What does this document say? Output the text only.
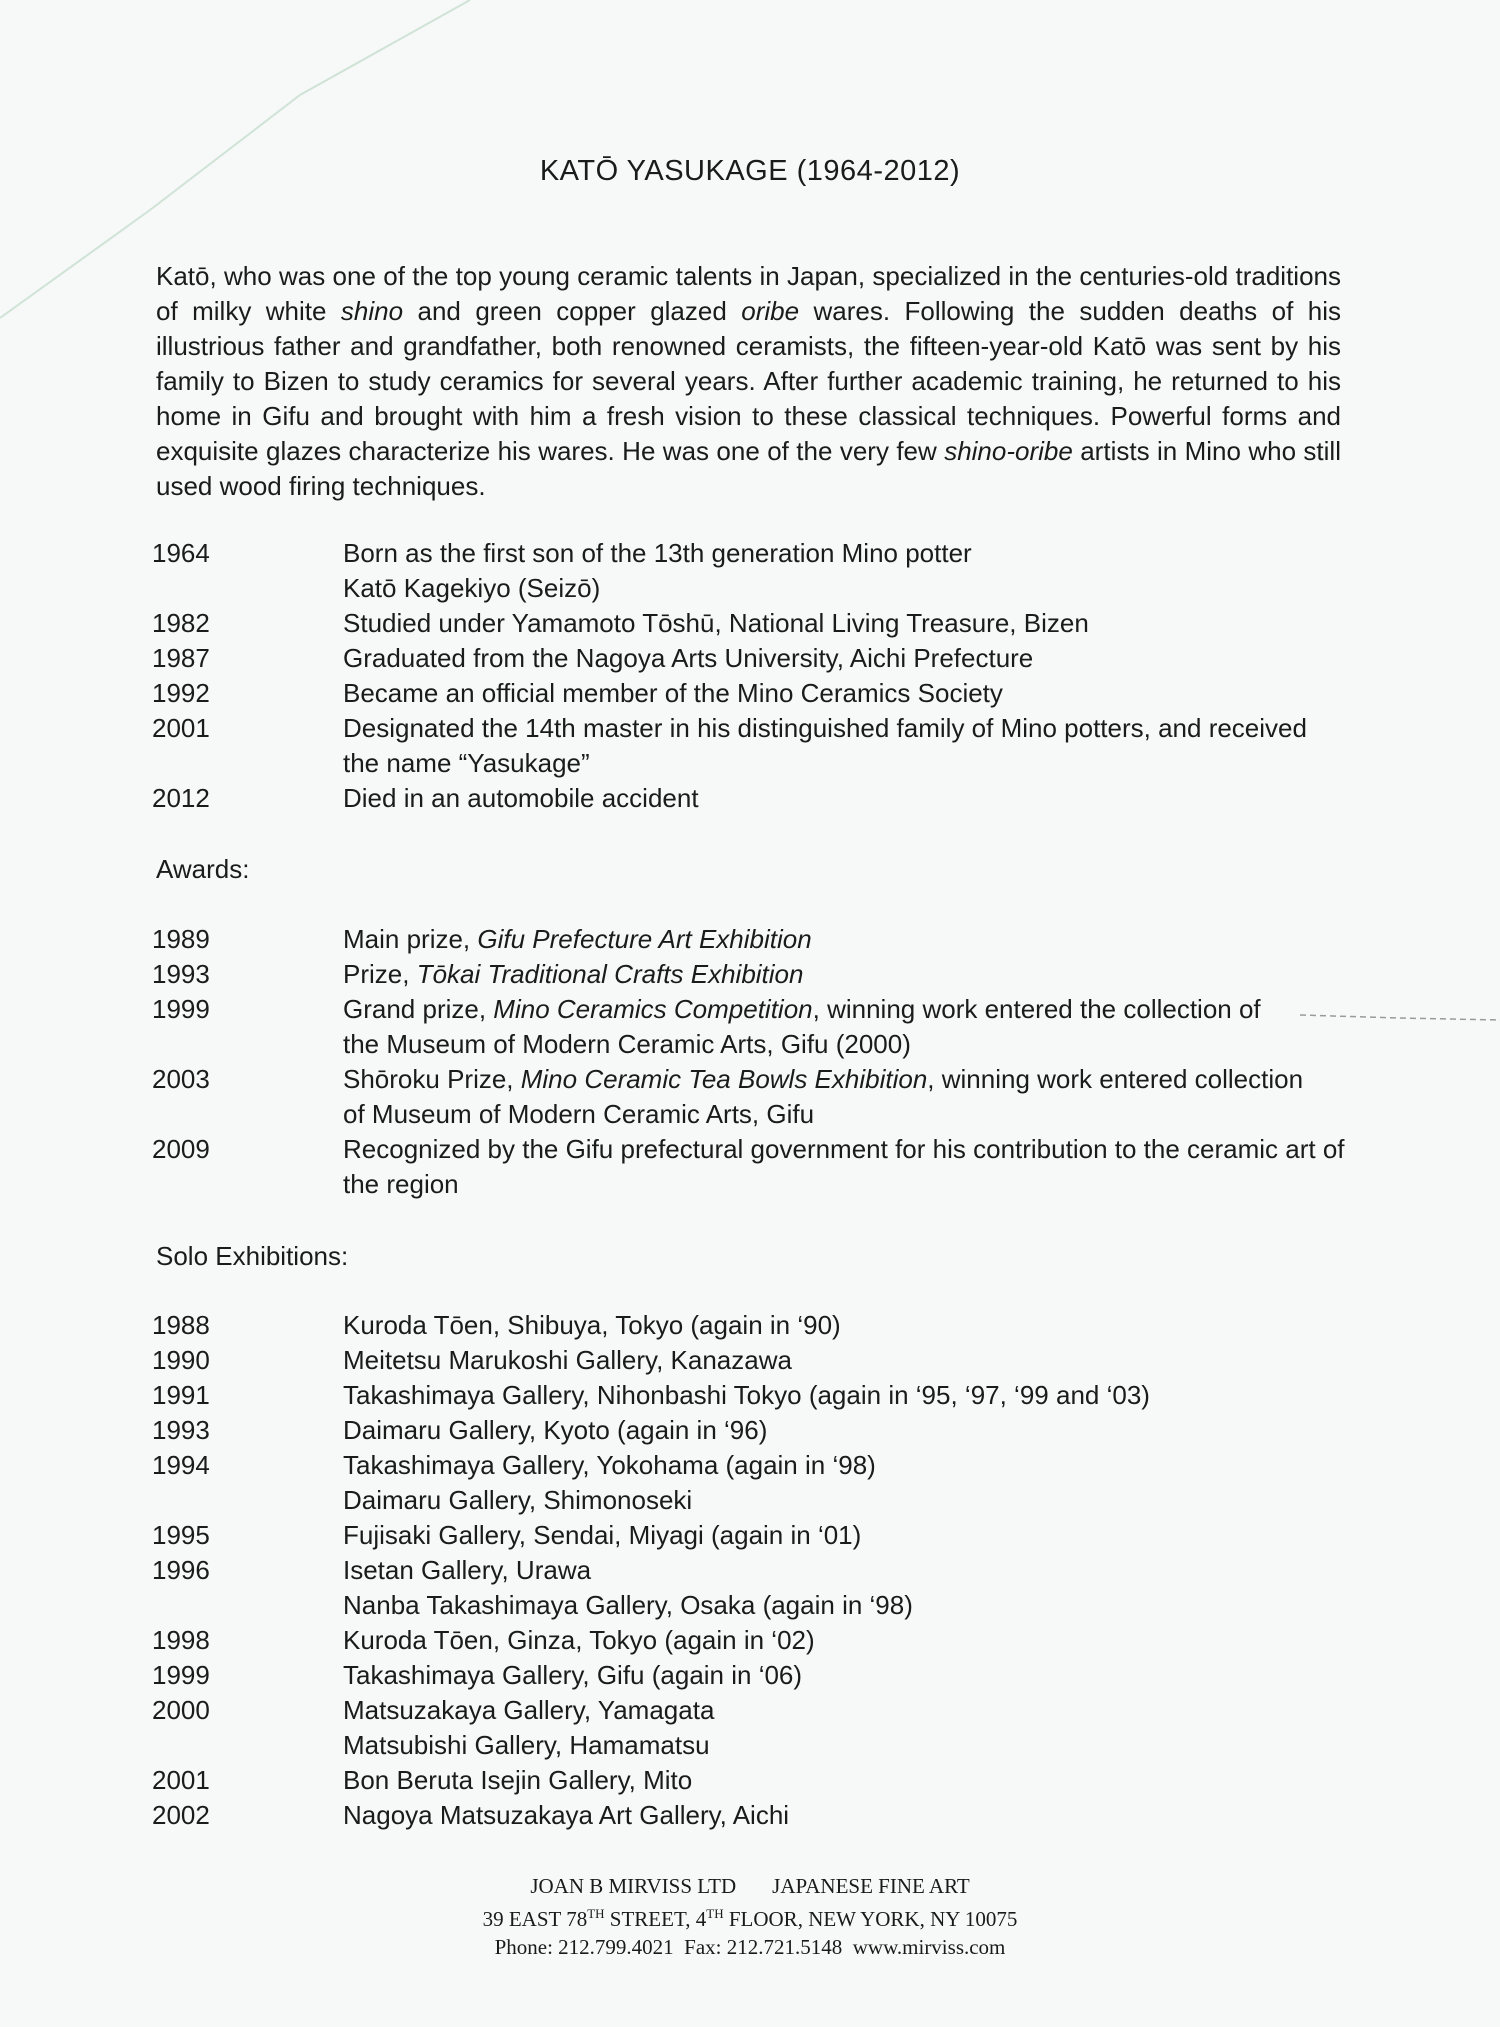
KATŌ YASUKAGE (1964-2012)
Katō, who was one of the top young ceramic talents in Japan, specialized in the centuries-old traditions of milky white shino and green copper glazed oribe wares. Following the sudden deaths of his illustrious father and grandfather, both renowned ceramists, the fifteen-year-old Katō was sent by his family to Bizen to study ceramics for several years. After further academic training, he returned to his home in Gifu and brought with him a fresh vision to these classical techniques. Powerful forms and exquisite glazes characterize his wares. He was one of the very few shino-oribe artists in Mino who still used wood firing techniques.
1964	Born as the first son of the 13th generation Mino potter
Katō Kagekiyo (Seizō)
1982	Studied under Yamamoto Tōshū, National Living Treasure, Bizen
1987	Graduated from the Nagoya Arts University, Aichi Prefecture
1992	Became an official member of the Mino Ceramics Society
2001	Designated the 14th master in his distinguished family of Mino potters, and received
the name “Yasukage”
2012	Died in an automobile accident
Awards:
1989	Main prize, Gifu Prefecture Art Exhibition
1993	Prize, Tōkai Traditional Crafts Exhibition
1999	Grand prize, Mino Ceramics Competition, winning work entered the collection of
the Museum of Modern Ceramic Arts, Gifu (2000)
2003	Shōroku Prize, Mino Ceramic Tea Bowls Exhibition, winning work entered collection
of Museum of Modern Ceramic Arts, Gifu
2009	Recognized by the Gifu prefectural government for his contribution to the ceramic art of
the region
Solo Exhibitions:
1988	Kuroda Tōen, Shibuya, Tokyo (again in ‘90)
1990	Meitetsu Marukoshi Gallery, Kanazawa
1991	Takashimaya Gallery, Nihonbashi Tokyo (again in ‘95, ‘97, ‘99 and ‘03)
1993	Daimaru Gallery, Kyoto (again in ‘96)
1994	Takashimaya Gallery, Yokohama (again in ‘98)
Daimaru Gallery, Shimonoseki
1995	Fujisaki Gallery, Sendai, Miyagi (again in ‘01)
1996	Isetan Gallery, Urawa
Nanba Takashimaya Gallery, Osaka (again in ‘98)
1998	Kuroda Tōen, Ginza, Tokyo (again in ‘02)
1999	Takashimaya Gallery, Gifu (again in ‘06)
2000	Matsuzakaya Gallery, Yamagata
Matsubishi Gallery, Hamamatsu
2001	Bon Beruta Isejin Gallery, Mito
2002	Nagoya Matsuzakaya Art Gallery, Aichi
JOAN B MIRVISS LTD JAPANESE FINE ART
39 EAST 78TH STREET, 4TH FLOOR, NEW YORK, NY 10075
Phone: 212.799.4021 Fax: 212.721.5148 www.mirviss.com
